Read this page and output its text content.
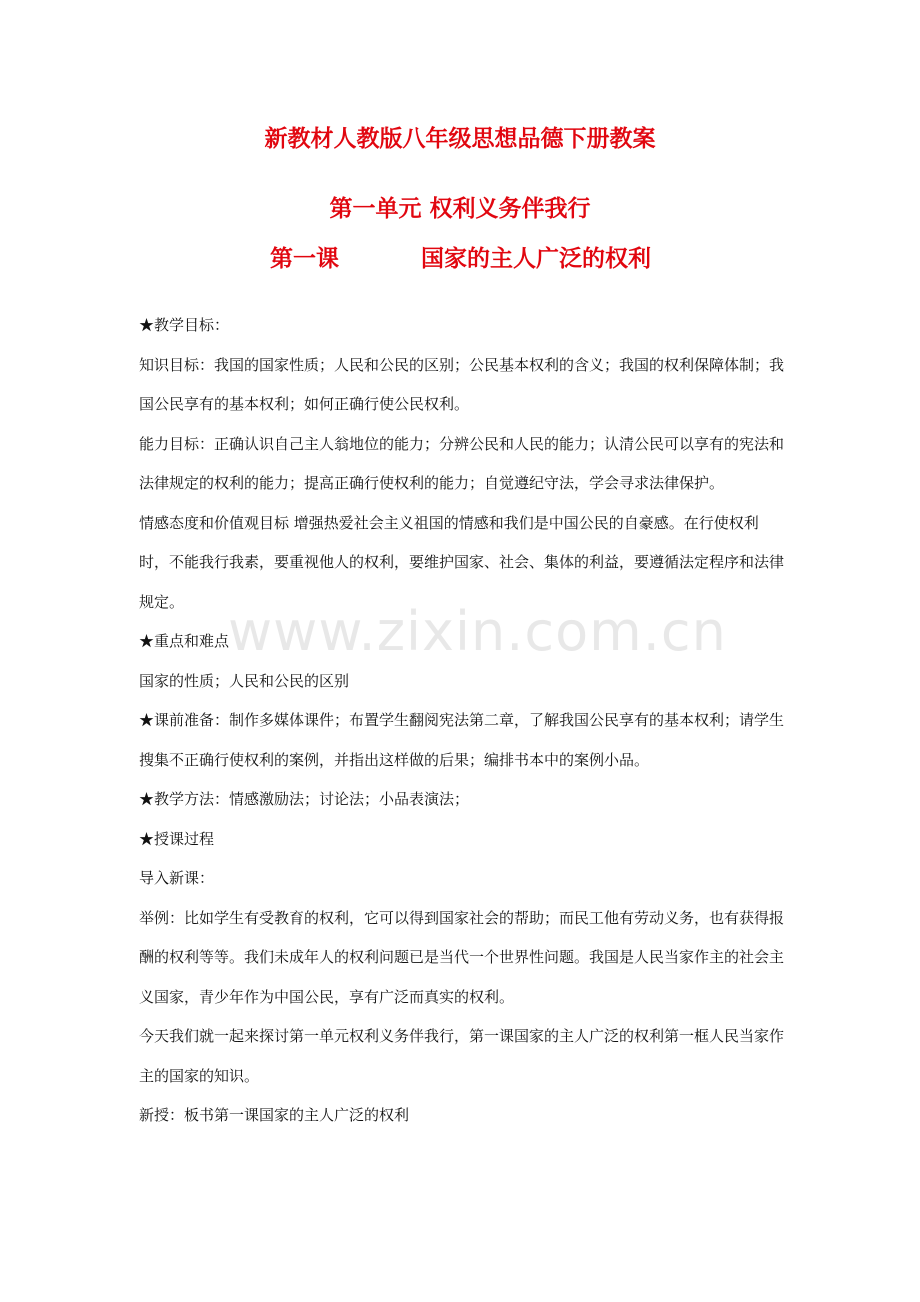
新教材人教版八年级思想品德下册教案
第一单元 权利义务伴我行
第一课	国家的主人广泛的权利

★教学目标：

知识目标：我国的国家性质；人民和公民的区别；公民基本权利的含义；我国的权利保障体制；我国公民享有的基本权利；如何正确行使公民权利。

能力目标：正确认识自己主人翁地位的能力；分辨公民和人民的能力；认清公民可以享有的宪法和法律规定的权利的能力；提高正确行使权利的能力；自觉遵纪守法，学会寻求法律保护。

情感态度和价值观目标 增强热爱社会主义祖国的情感和我们是中国公民的自豪感。在行使权利时，不能我行我素，要重视他人的权利，要维护国家、社会、集体的利益，要遵循法定程序和法律规定。

★重点和难点

国家的性质；人民和公民的区别

★课前准备：制作多媒体课件；布置学生翻阅宪法第二章，了解我国公民享有的基本权利；请学生搜集不正确行使权利的案例，并指出这样做的后果；编排书本中的案例小品。

★教学方法：情感激励法；讨论法；小品表演法；

★授课过程

导入新课：

举例：比如学生有受教育的权利，它可以得到国家社会的帮助；而民工他有劳动义务，也有获得报酬的权利等等。我们未成年人的权利问题已是当代一个世界性问题。我国是人民当家作主的社会主义国家，青少年作为中国公民，享有广泛而真实的权利。

今天我们就一起来探讨第一单元权利义务伴我行，第一课国家的主人广泛的权利第一框人民当家作主的国家的知识。

新授：板书第一课国家的主人广泛的权利

www.zixin.com.cn
